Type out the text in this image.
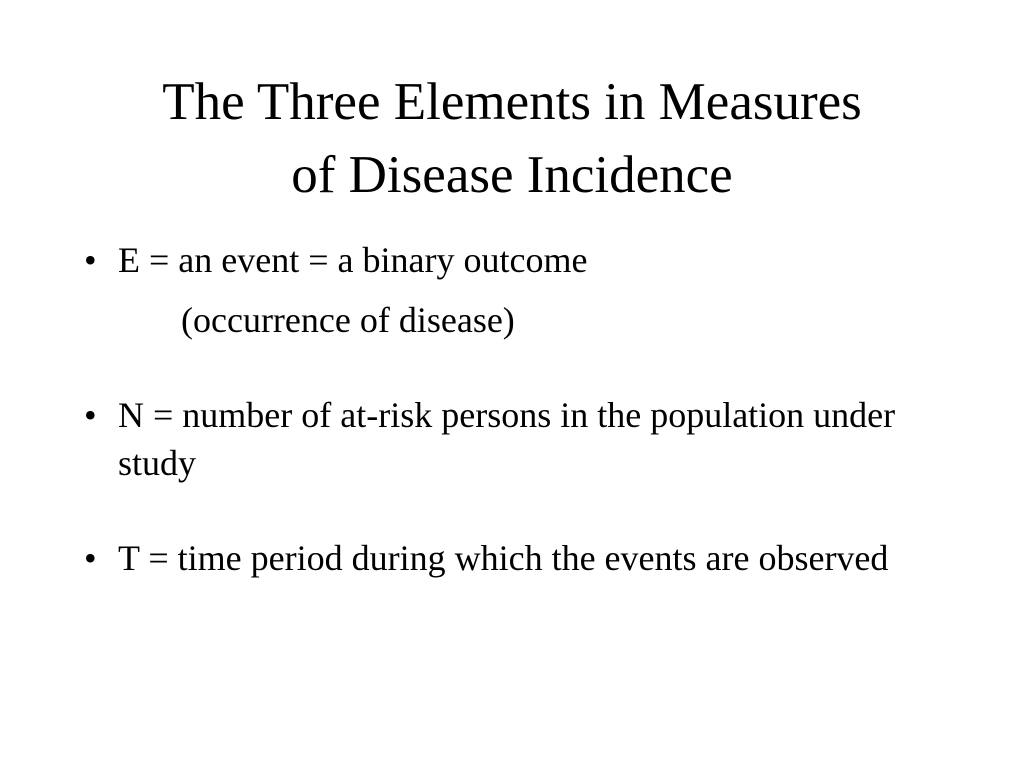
The Three Elements in Measures
of Disease Incidence
• E = an event = a binary outcome
(occurrence of disease)
• N = number of at-risk persons in the population under study
• T = time period during which the events are observed
